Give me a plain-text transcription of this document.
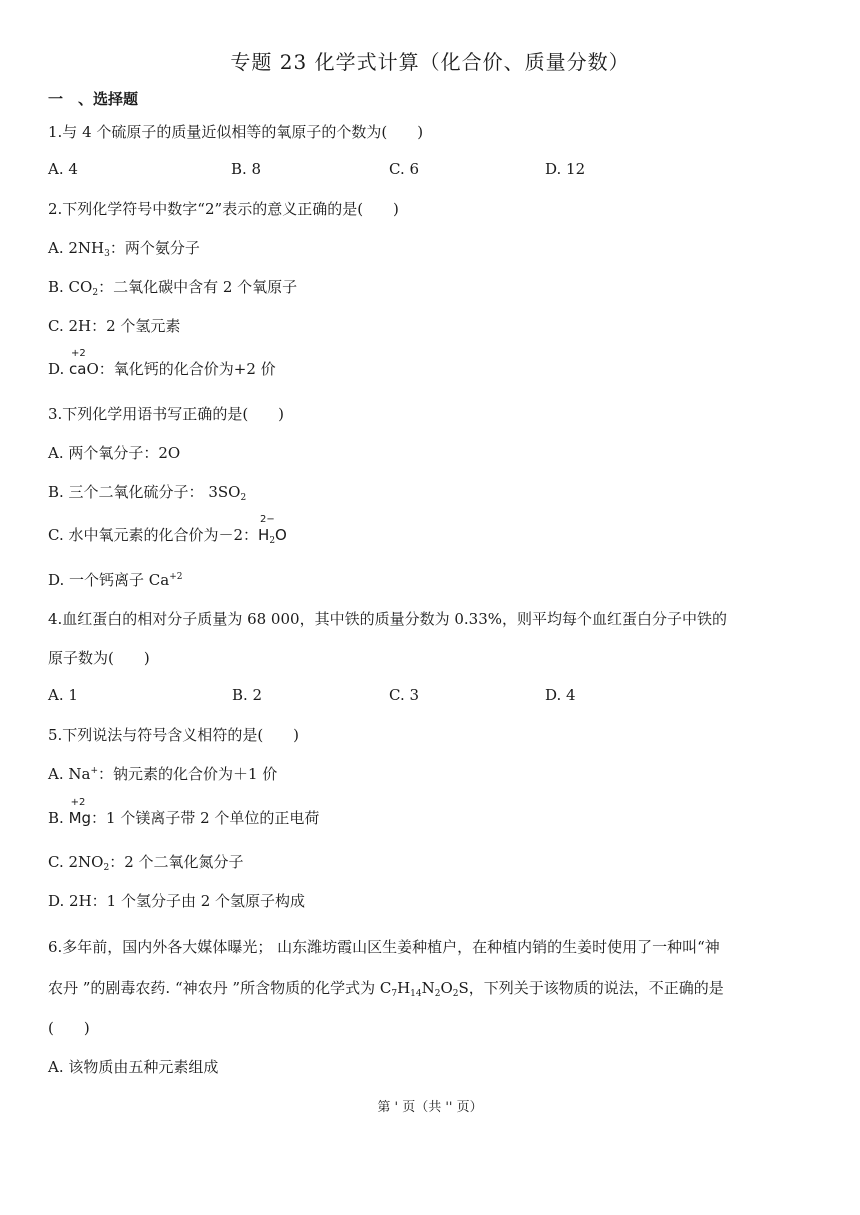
专题 23 化学式计算（化合价、质量分数）
一　、选择题
1.与 4 个硫原子的质量近似相等的氧原子的个数为(　　)
A. 4	B. 8	C. 6	D. 12
2.下列化学符号中数字“2”表示的意义正确的是(　　)
A. $2NH_3$：两个氨分子
B. $CO_2$：二氧化碳中含有 2 个氧原子
C. 2H：2 个氢元素
D.
+2
caO：氧化钙的化合价为+2 价
3.下列化学用语书写正确的是(　　)
A. 两个氧分子：2O
B. 三个二氧化硫分子： $3SO_2$
C. 水中氧元素的化合价为－2：
2−
$H_2O$
D. 一个钙离子 $Ca^{+2}$
4.血红蛋白的相对分子质量为 68 000，其中铁的质量分数为 0.33%，则平均每个血红蛋白分子中铁的
原子数为(　　)
A. 1	B. 2	C. 3	D. 4
5.下列说法与符号含义相符的是(　　)
A. Na+：钠元素的化合价为＋1 价
B.
+2
Mg：1 个镁离子带 2 个单位的正电荷
C. $2NO_2$：2 个二氧化氮分子
D. 2H：1 个氢分子由 2 个氢原子构成
6.多年前，国内外各大媒体曝光； 山东潍坊霞山区生姜种植户，在种植内销的生姜时使用了一种叫“神
农丹 ”的剧毒农药. “神农丹 ”所含物质的化学式为 $C_7H_{14}N_2O_2S$，下列关于该物质的说法，不正确的是
(　　)
A. 该物质由五种元素组成
第 ' 页（共 '' 页）
